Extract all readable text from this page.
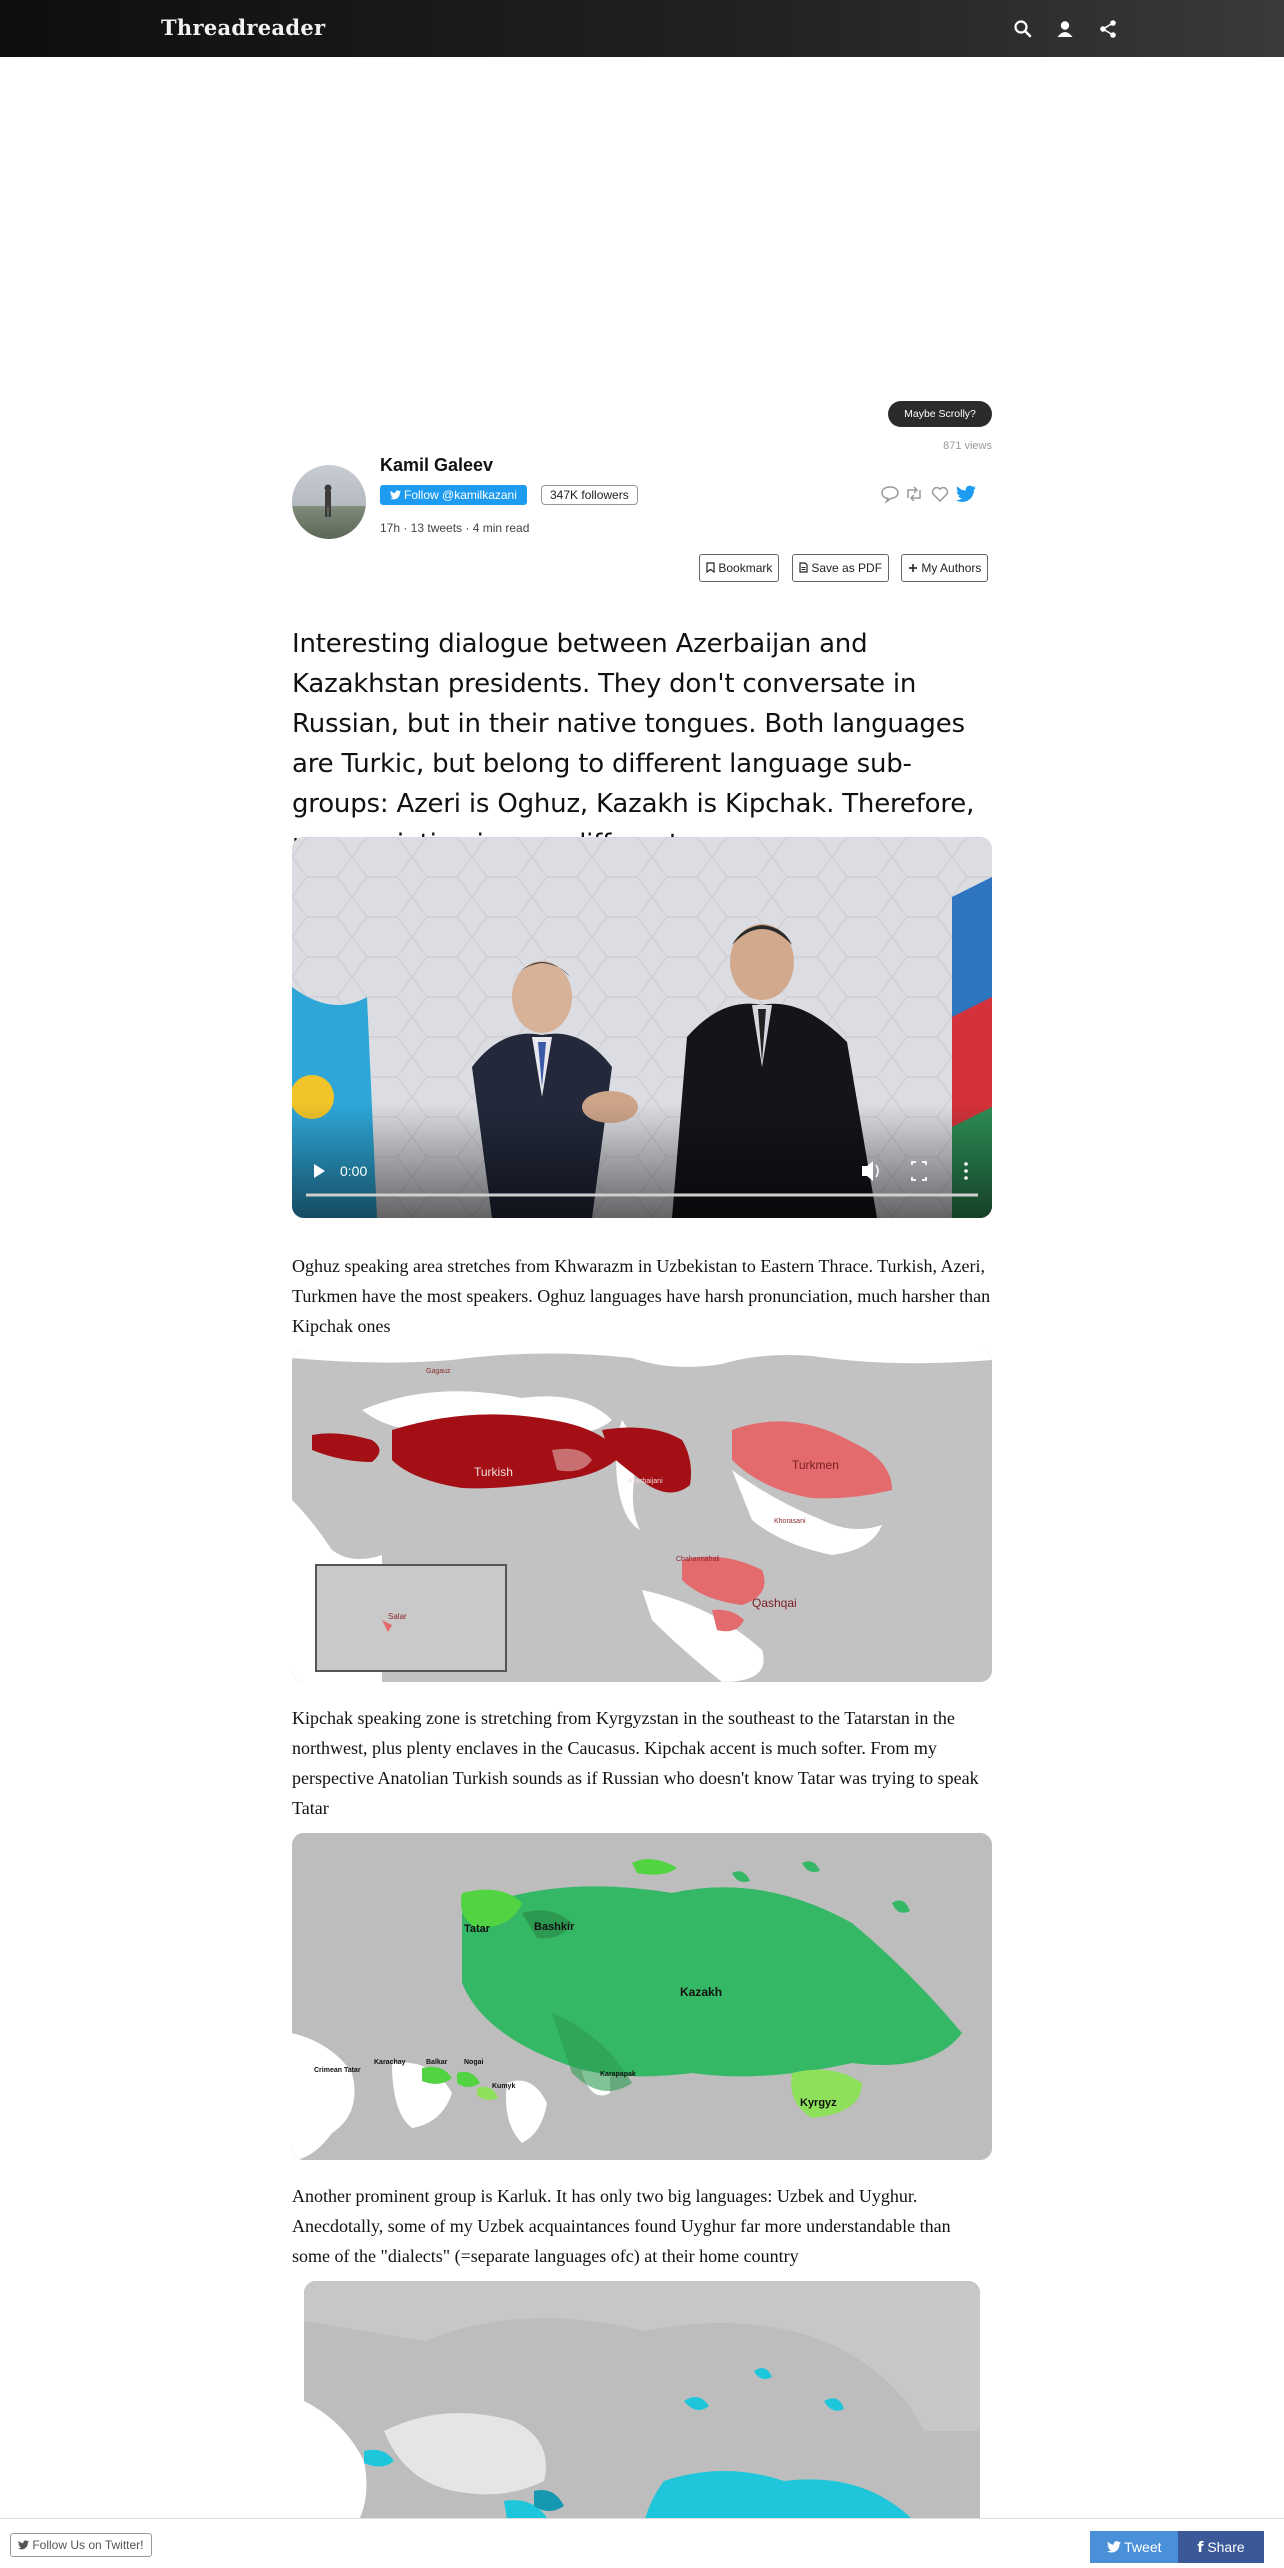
Threadreader
Maybe Scrolly?
871 views
Kamil Galeev
Follow @kamilkazani	347K followers
17h · 13 tweets · 4 min read
Bookmark	Save as PDF	My Authors
Interesting dialogue between Azerbaijan and Kazakhstan presidents. They don't conversate in Russian, but in their native tongues. Both languages are Turkic, but belong to different language sub-groups: Azeri is Oghuz, Kazakh is Kipchak. Therefore,
0:00
Oghuz speaking area stretches from Khwarazm in Uzbekistan to Eastern Thrace. Turkish, Azeri, Turkmen have the most speakers. Oghuz languages have harsh pronunciation, much harsher than Kipchak ones
Turkish
Azerbaijani
Turkmen
Khorasani
Chaharmahali
Qashqai
Gagauz
Salar
Kipchak speaking zone is stretching from Kyrgyzstan in the southeast to the Tatarstan in the northwest, plus plenty enclaves in the Caucasus. Kipchak accent is much softer. From my perspective Anatolian Turkish sounds as if Russian who doesn't know Tatar was trying to speak Tatar
Tatar	Bashkir
Kazakh
Crimean Tatar
Karachay	Balkar Nogai
Kumyk
Karapapak
Kyrgyz
Another prominent group is Karluk. It has only two big languages: Uzbek and Uyghur. Anecdotally, some of my Uzbek acquaintances found Uyghur far more understandable than some of the "dialects" (=separate languages ofc) at their home country
Follow Us on Twitter!	Tweet	f Share
